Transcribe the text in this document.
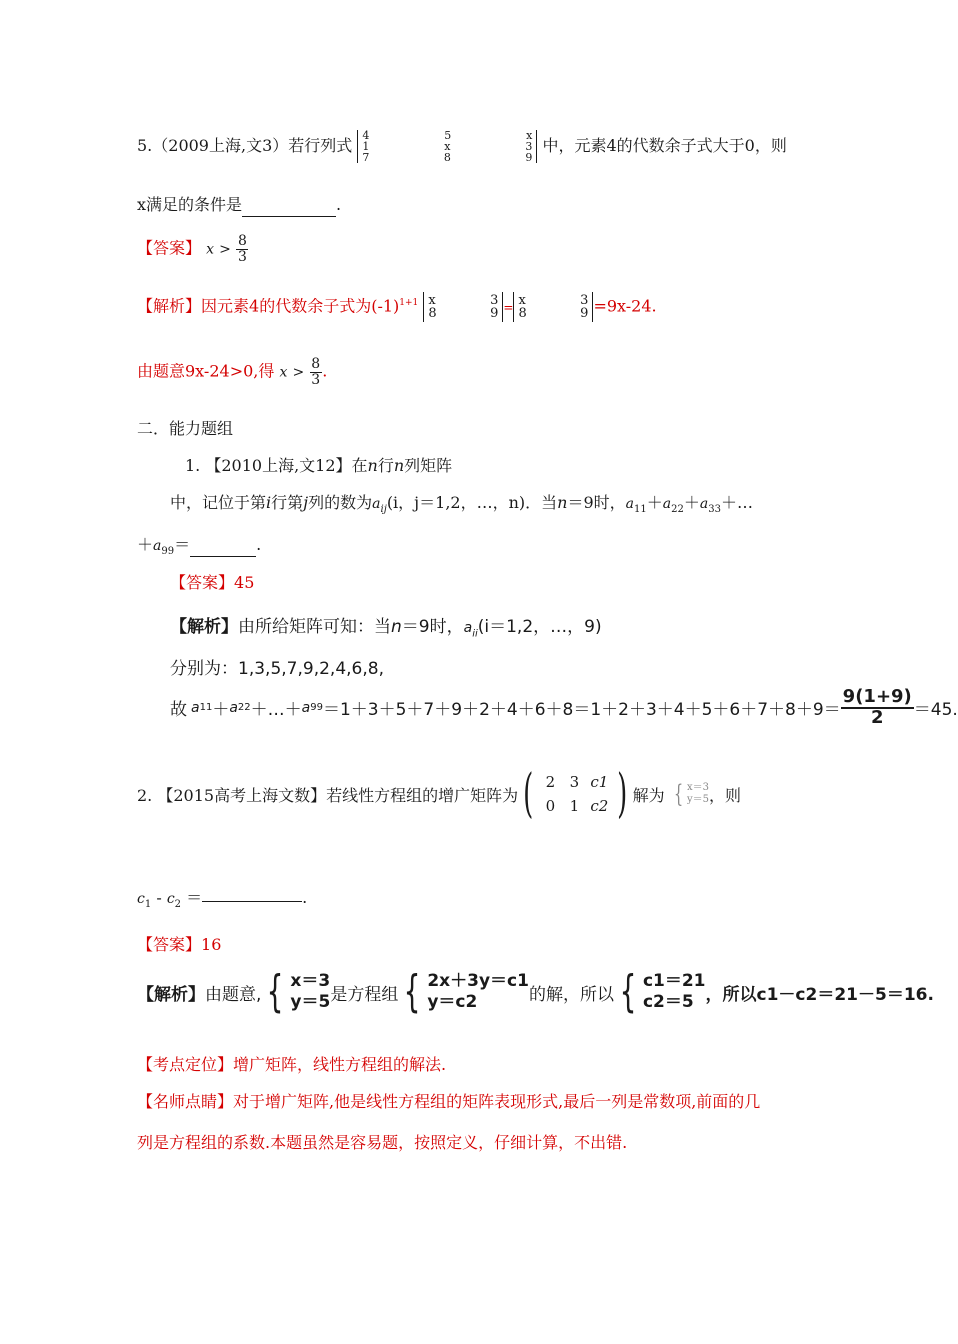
5.（2009上海,文3）若行列式
4	5	x
1	x	3
7	8	9
中，元素4的代数余子式大于0，则
x满足的条件是	.
【答案】 $x > \frac{8}{3}$
【解析】因元素4的代数余子式为$(-1)^{1+1}$ x	3
8	9 = x	3
8	9 =9x-24.
由题意9x-24>0,得 $x > \frac{8}{3}$ .
二．能力题组
1. 【2010上海,文12】在n行n列矩阵
中，记位于第i行第j列的数为$a_{ij}(i$，j＝1,2，…，n)．当n＝9时，$a_{11}+a_{22}+a_{33}+\dots$
$+a_{99}=$	.
【答案】45
【解析】由所给矩阵可知：当n＝9时，$a_{ii}(i=1,2$，…，9)
分别为：1,3,5,7,9,2,4,6,8,
故 a 11 ＋ a 22 ＋…＋ a $99 =1+3+5+7+9+2+4+6+8=1+2+3+4+5+6+7+8+9= \frac{9(1+9)}{2} =45$.
2. 【2015高考上海文数】若线性方程组的增广矩阵为 ( 2 3 c1
0 1 c2 ) 解为 { x＝3
y＝5 ，则
$c_1 - c_2$ ＝	.
【答案】16
【解析】 由题意, { x＝3
y＝5 是方程组 { 2x＋3y＝c1
y＝c2	的解，所以 { c1＝21
c2＝5 ，所以c1－c2＝21－5＝16.
【考点定位】增广矩阵，线性方程组的解法.
【名师点睛】对于增广矩阵,他是线性方程组的矩阵表现形式,最后一列是常数项,前面的几
列是方程组的系数.本题虽然是容易题，按照定义，仔细计算，不出错.
